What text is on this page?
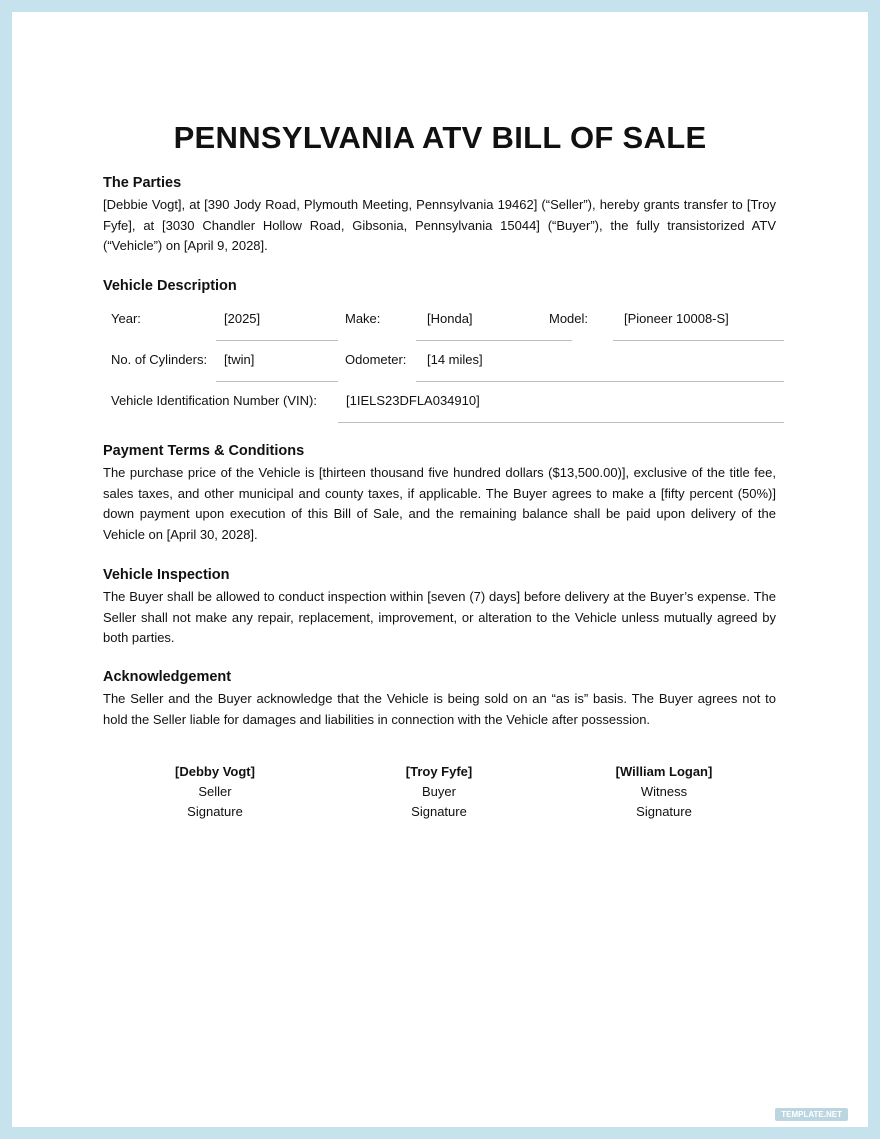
PENNSYLVANIA ATV BILL OF SALE
The Parties

[Debbie Vogt], at [390 Jody Road, Plymouth Meeting, Pennsylvania 19462] (“Seller”), hereby grants transfer to [Troy Fyfe], at [3030 Chandler Hollow Road, Gibsonia, Pennsylvania 15044] (“Buyer”), the fully transistorized ATV (“Vehicle”) on [April 9, 2028].

Vehicle Description
Year:	[2025]	Make:	[Honda]	Model:	[Pioneer 10008-S]
No. of Cylinders: [twin]	Odometer: [14 miles]
Vehicle Identification Number (VIN): [1IELS23DFLA034910]
Payment Terms & Conditions

The purchase price of the Vehicle is [thirteen thousand five hundred dollars ($13,500.00)], exclusive of the title fee, sales taxes, and other municipal and county taxes, if applicable. The Buyer agrees to make a [fifty percent (50%)] down payment upon execution of this Bill of Sale, and the remaining balance shall be paid upon delivery of the Vehicle on [April 30, 2028].

Vehicle Inspection

The Buyer shall be allowed to conduct inspection within [seven (7) days] before delivery at the Buyer’s expense. The Seller shall not make any repair, replacement, improvement, or alteration to the Vehicle unless mutually agreed by both parties.

Acknowledgement

The Seller and the Buyer acknowledge that the Vehicle is being sold on an “as is” basis. The Buyer agrees not to hold the Seller liable for damages and liabilities in connection with the Vehicle after possession.

[Debby Vogt]
Seller
Signature
[Troy Fyfe]
Buyer
Signature
[William Logan]
Witness
Signature
TEMPLATE.NET
